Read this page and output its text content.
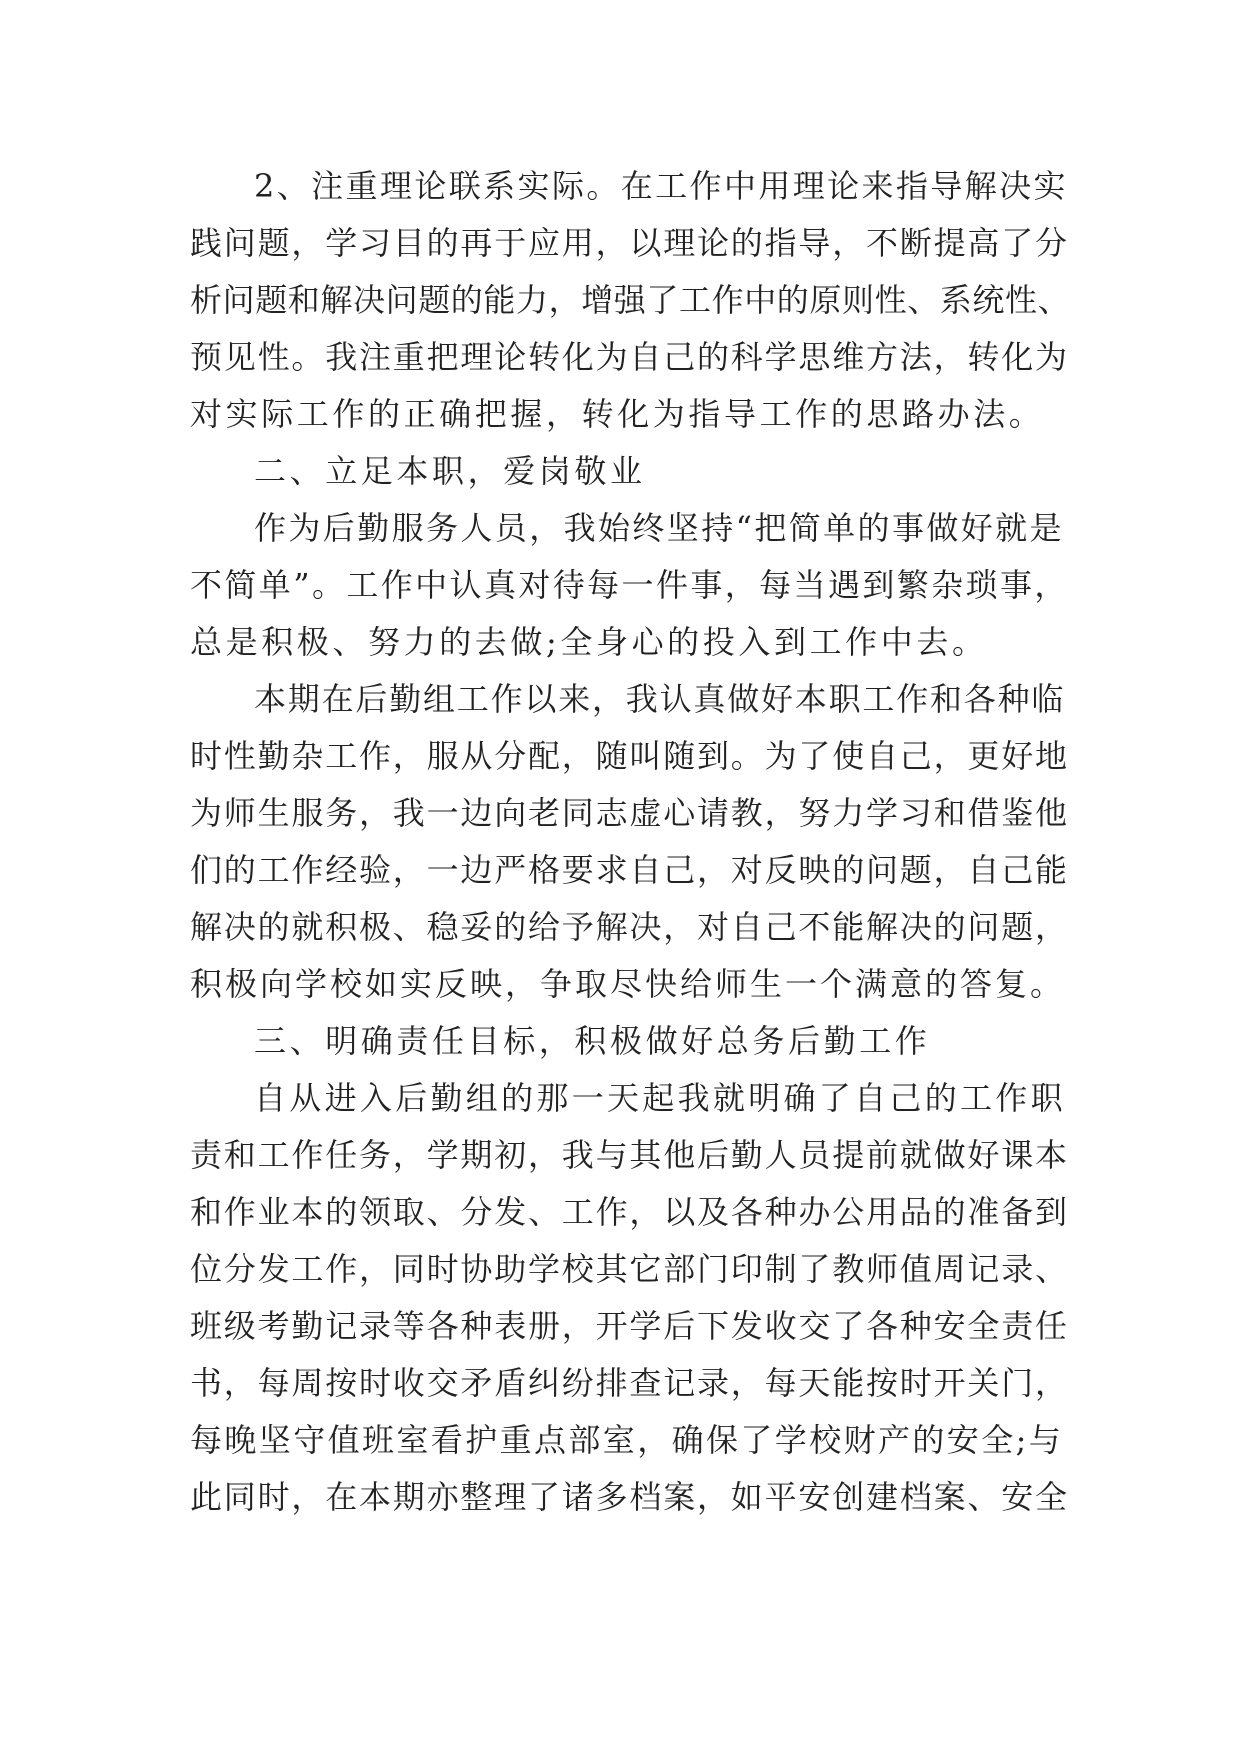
2、注重理论联系实际。在工作中用理论来指导解决实
践问题，学习目的再于应用，以理论的指导，不断提高了分
析问题和解决问题的能力，增强了工作中的原则性、系统性、
预见性。我注重把理论转化为自己的科学思维方法，转化为
对实际工作的正确把握，转化为指导工作的思路办法。
二、立足本职，爱岗敬业
作为后勤服务人员，我始终坚持“把简单的事做好就是
不简单”。工作中认真对待每一件事，每当遇到繁杂琐事，
总是积极、努力的去做;全身心的投入到工作中去。
本期在后勤组工作以来，我认真做好本职工作和各种临
时性勤杂工作，服从分配，随叫随到。为了使自己，更好地
为师生服务，我一边向老同志虚心请教，努力学习和借鉴他
们的工作经验，一边严格要求自己，对反映的问题，自己能
解决的就积极、稳妥的给予解决，对自己不能解决的问题，
积极向学校如实反映，争取尽快给师生一个满意的答复。
三、明确责任目标，积极做好总务后勤工作
自从进入后勤组的那一天起我就明确了自己的工作职
责和工作任务，学期初，我与其他后勤人员提前就做好课本
和作业本的领取、分发、工作，以及各种办公用品的准备到
位分发工作，同时协助学校其它部门印制了教师值周记录、
班级考勤记录等各种表册，开学后下发收交了各种安全责任
书，每周按时收交矛盾纠纷排查记录，每天能按时开关门，
每晚坚守值班室看护重点部室，确保了学校财产的安全;与
此同时，在本期亦整理了诸多档案，如平安创建档案、安全
